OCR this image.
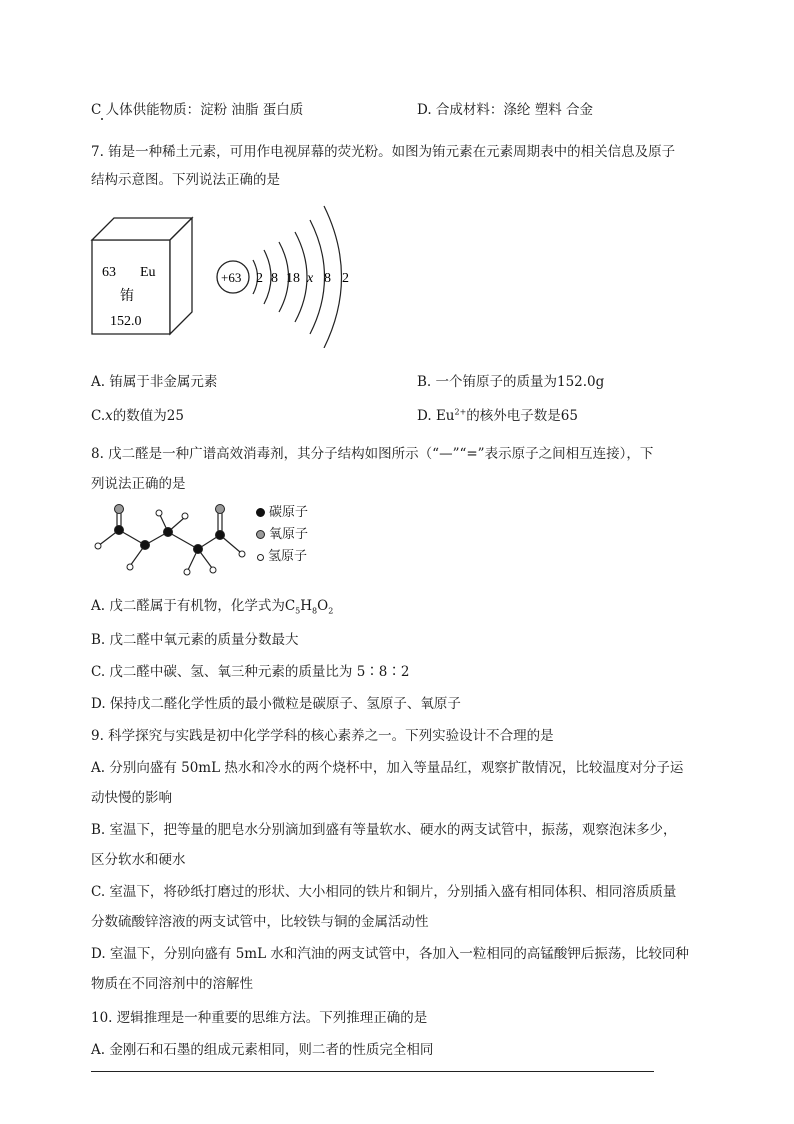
C 人体供能物质：淀粉 油脂 蛋白质	D. 合成材料：涤纶 塑料 合金
7. 铕是一种稀土元素，可用作电视屏幕的荧光粉。如图为铕元素在元素周期表中的相关信息及原子
结构示意图。下列说法正确的是
63 Eu
铕
152.0
+63 2 8 18 x 8 2
A. 铕属于非金属元素	B. 一个铕原子的质量为152.0g
C.x的数值为25	D. $Eu^{2+}$的核外电子数是65
8. 戊二醛是一种广谱高效消毒剂，其分子结构如图所示（“—”“=”表示原子之间相互连接），下
列说法正确的是
碳原子
氧原子
氢原子
A. 戊二醛属于有机物，化学式为$C_5H_8O_2$
B. 戊二醛中氧元素的质量分数最大
C. 戊二醛中碳、氢、氧三种元素的质量比为 5∶8∶2
D. 保持戊二醛化学性质的最小微粒是碳原子、氢原子、氧原子
9. 科学探究与实践是初中化学学科的核心素养之一。下列实验设计不合理的是
A. 分别向盛有 50mL 热水和冷水的两个烧杯中，加入等量品红，观察扩散情况，比较温度对分子运
动快慢的影响
B. 室温下，把等量的肥皂水分别滴加到盛有等量软水、硬水的两支试管中，振荡，观察泡沫多少，
区分软水和硬水
C. 室温下，将砂纸打磨过的形状、大小相同的铁片和铜片，分别插入盛有相同体积、相同溶质质量
分数硫酸锌溶液的两支试管中，比较铁与铜的金属活动性
D. 室温下，分别向盛有 5mL 水和汽油的两支试管中，各加入一粒相同的高锰酸钾后振荡，比较同种
物质在不同溶剂中的溶解性
10. 逻辑推理是一种重要的思维方法。下列推理正确的是
A. 金刚石和石墨的组成元素相同，则二者的性质完全相同
